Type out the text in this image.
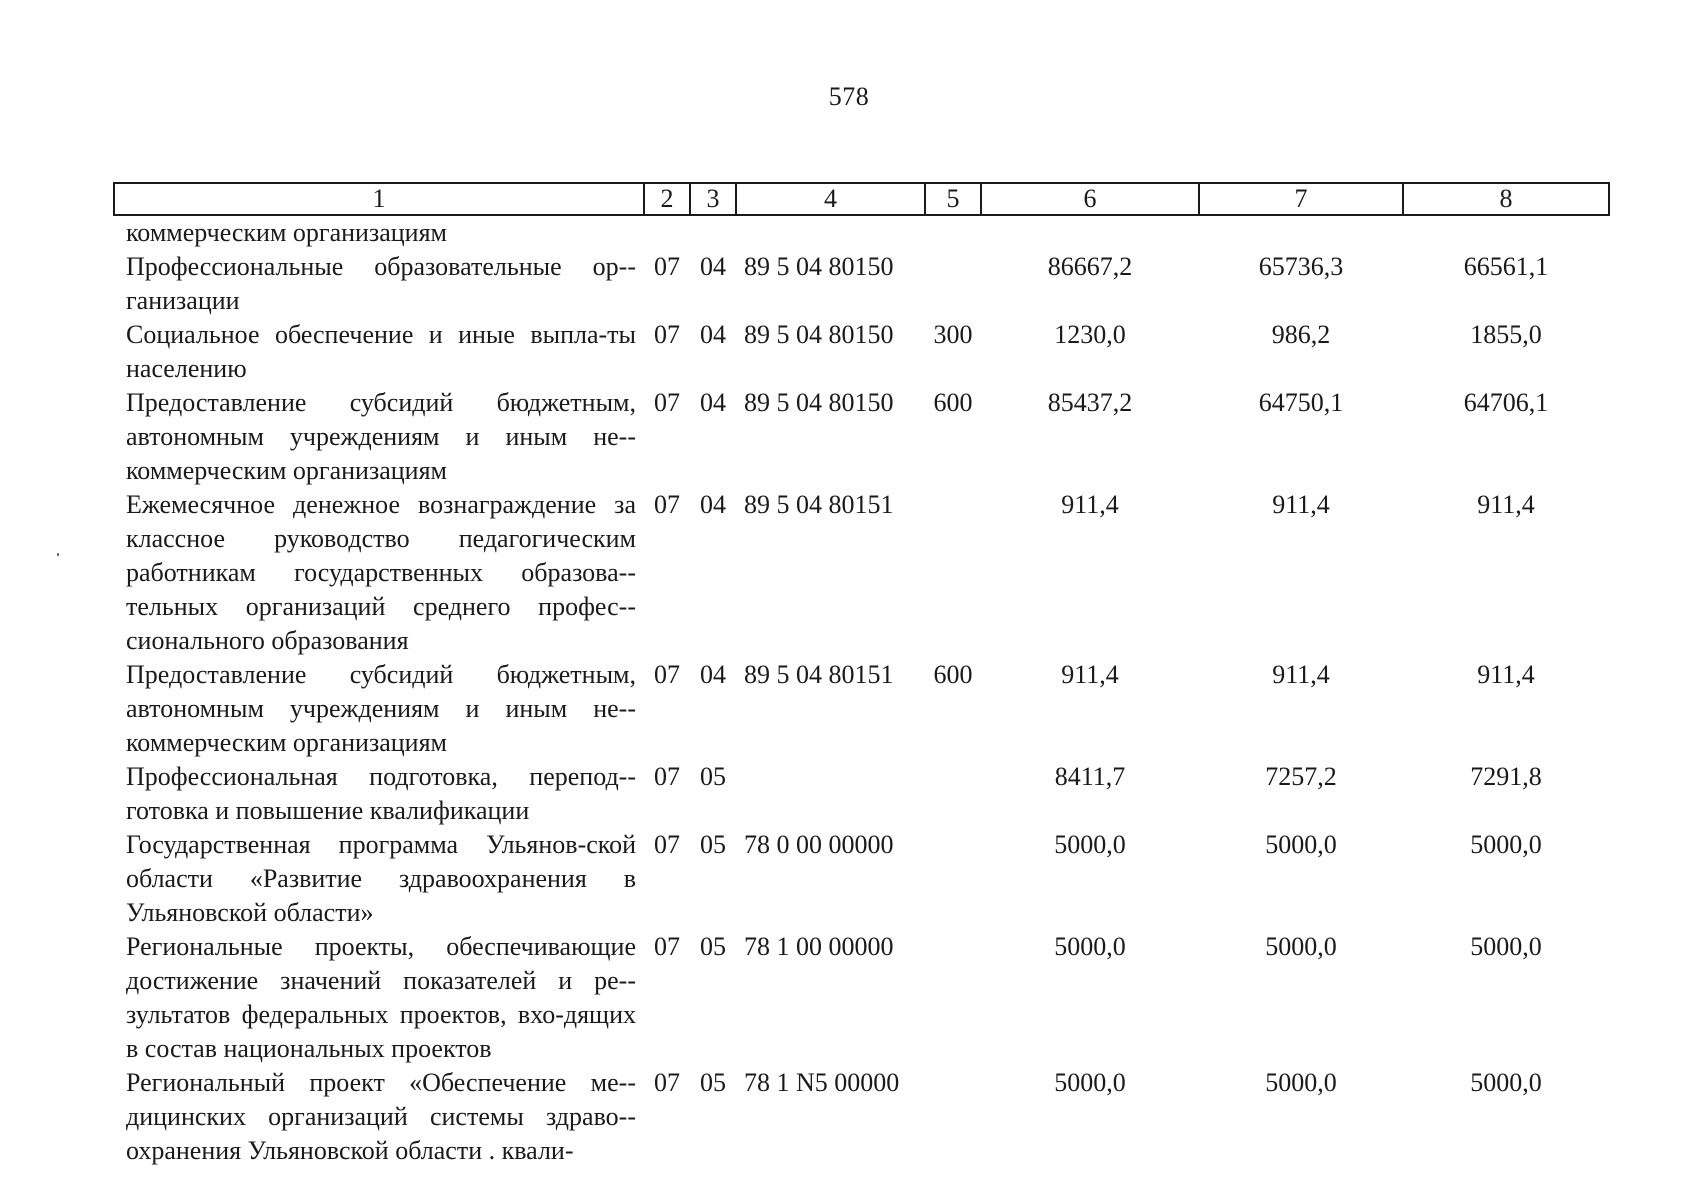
578
1	2	3	4	5	6	7	8
коммерческим организациям							
Профессиональные образовательные ор-ганизации	07	04	89 5 04 80150		86667,2	65736,3	66561,1
Социальное обеспечение и иные выпла-ты населению	07	04	89 5 04 80150	300	1230,0	986,2	1855,0
Предоставление субсидий бюджетным, автономным учреждениям и иным не-коммерческим организациям	07	04	89 5 04 80150	600	85437,2	64750,1	64706,1
Ежемесячное денежное вознаграждение за классное руководство педагогическим работникам государственных образова-тельных организаций среднего профес-сионального образования	07	04	89 5 04 80151		911,4	911,4	911,4
Предоставление субсидий бюджетным, автономным учреждениям и иным не-коммерческим организациям	07	04	89 5 04 80151	600	911,4	911,4	911,4
Профессиональная подготовка, перепод-готовка и повышение квалификации	07	05			8411,7	7257,2	7291,8
Государственная программа Ульянов-ской области «Развитие здравоохранения в Ульяновской области»	07	05	78 0 00 00000		5000,0	5000,0	5000,0
Региональные проекты, обеспечивающие достижение значений показателей и ре-зультатов федеральных проектов, вхо-дящих в состав национальных проектов	07	05	78 1 00 00000		5000,0	5000,0	5000,0
Региональный проект «Обеспечение ме-дицинских организаций системы здраво-охранения Ульяновской области . квали-	07	05	78 1 N5 00000		5000,0	5000,0	5000,0
